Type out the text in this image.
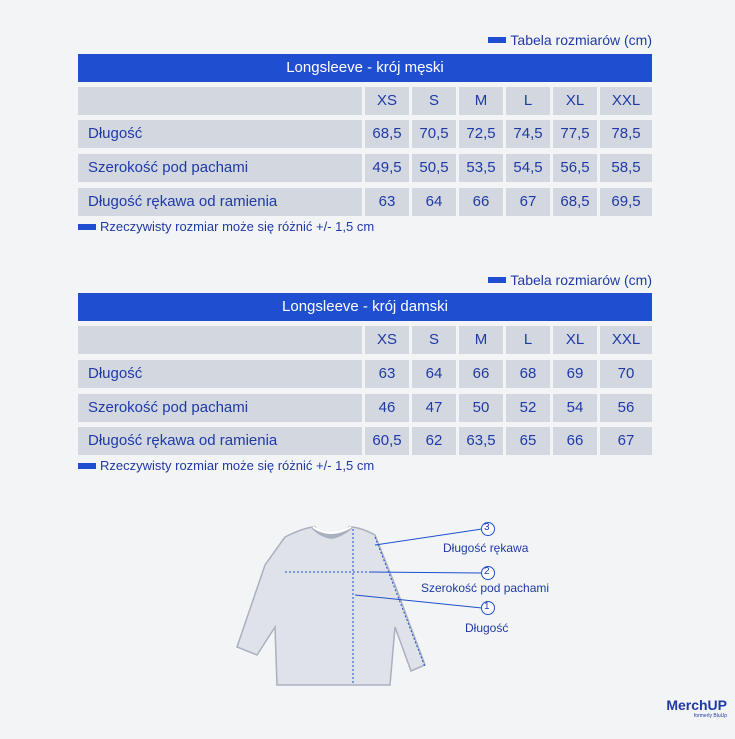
Tabela rozmiarów (cm)
Longsleeve - krój męski
XS	S	M	L	XL	XXL
Długość	68,5	70,5	72,5	74,5	77,5	78,5
Szerokość pod pachami	49,5	50,5	53,5	54,5	56,5	58,5
Długość rękawa od ramienia	63	64	66	67	68,5	69,5
Rzeczywisty rozmiar może się różnić +/- 1,5 cm
Tabela rozmiarów (cm)
Longsleeve - krój damski
XS	S	M	L	XL	XXL
Długość	63	64	66	68	69	70
Szerokość pod pachami	46	47	50	52	54	56
Długość rękawa od ramienia	60,5	62	63,5	65	66	67
Rzeczywisty rozmiar może się różnić +/- 1,5 cm
3
Długość rękawa
2
Szerokość pod pachami
1
Długość
MerchUP
formerly BluUp
